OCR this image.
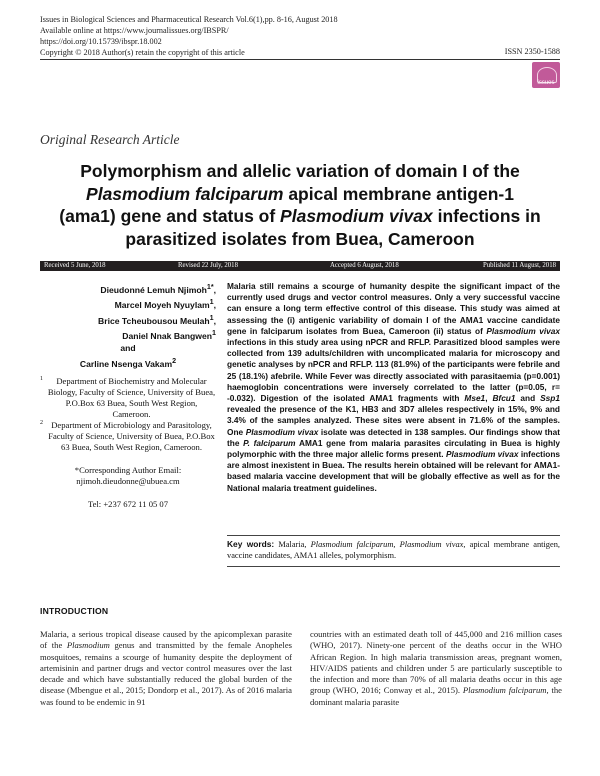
Issues in Biological Sciences and Pharmaceutical Research Vol.6(1),pp. 8-16, August 2018
Available online at https://www.journalissues.org/IBSPR/
https://doi.org/10.15739/ibspr.18.002
Copyright © 2018 Author(s) retain the copyright of this article	ISSN 2350-1588
issues
Original Research Article
Polymorphism and allelic variation of domain I of the
Plasmodium falciparum apical membrane antigen-1
(ama1) gene and status of Plasmodium vivax infections in
parasitized isolates from Buea, Cameroon
Received 5 June, 2018	Revised 22 July, 2018	Accepted 6 August, 2018	Published 11 August, 2018
Dieudonné Lemuh Njimoh$^{1*}$,
Marcel Moyeh Nyuylam$^1$,
Brice Tcheubousou Meulah$^1$,
Daniel Nnak Bangwen$^1$
and
Carline Nsenga Vakam$^2$
1 Department of Biochemistry and Molecular Biology, Faculty of Science, University of Buea, P.O.Box 63 Buea, South West Region, Cameroon.
2 Department of Microbiology and Parasitology, Faculty of Science, University of Buea, P.O.Box 63 Buea, South West Region, Cameroon.
*Corresponding Author Email:
njimoh.dieudonne@ubuea.cm
Tel: +237 672 11 05 07
Malaria still remains a scourge of humanity despite the significant impact of the currently used drugs and vector control measures. Only a very successful vaccine can ensure a long term effective control of this disease. This study was aimed at assessing the (i) antigenic variability of domain I of the AMA1 vaccine candidate gene in falciparum isolates from Buea, Cameroon (ii) status of Plasmodium vivax infections in this study area using nPCR and RFLP. Parasitized blood samples were collected from 139 adults/children with uncomplicated malaria for microscopy and genetic analyses by nPCR and RFLP. 113 (81.9%) of the participants were febrile and 25 (18.1%) afebrile. While Fever was directly associated with parasitaemia (p=0.001) haemoglobin concentrations were inversely correlated to the latter (p=0.05, r= -0.032). Digestion of the isolated AMA1 fragments with Mse1, Bfcu1 and Ssp1 revealed the presence of the K1, HB3 and 3D7 alleles respectively in 15%, 9% and 3.4% of the samples analyzed. These sites were absent in 71.6% of the samples. One Plasmodium vivax isolate was detected in 138 samples. Our findings show that the P. falciparum AMA1 gene from malaria parasites circulating in Buea is highly polymorphic with the three major allelic forms present. Plasmodium vivax infections are almost inexistent in Buea. The results herein obtained will be relevant for AMA1-based malaria vaccine development that will be globally effective as well as for the National malaria treatment guidelines.
Key words: Malaria, Plasmodium falciparum, Plasmodium vivax, apical membrane antigen, vaccine candidates, AMA1 alleles, polymorphism.
INTRODUCTION
Malaria, a serious tropical disease caused by the apicomplexan parasite of the Plasmodium genus and transmitted by the female Anopheles mosquitoes, remains a scourge of humanity despite the deployment of artemisinin and partner drugs and vector control measures over the last decade and which have substantially reduced the global burden of the disease (Mbengue et al., 2015; Dondorp et al., 2017). As of 2016 malaria was found to be endemic in 91
countries with an estimated death toll of 445,000 and 216 million cases (WHO, 2017). Ninety-one percent of the deaths occur in the WHO African Region. In high malaria transmission areas, pregnant women, HIV/AIDS patients and children under 5 are particularly susceptible to the infection and more than 70% of all malaria deaths occur in this age group (WHO, 2016; Conway et al., 2015). Plasmodium falciparum, the dominant malaria parasite
